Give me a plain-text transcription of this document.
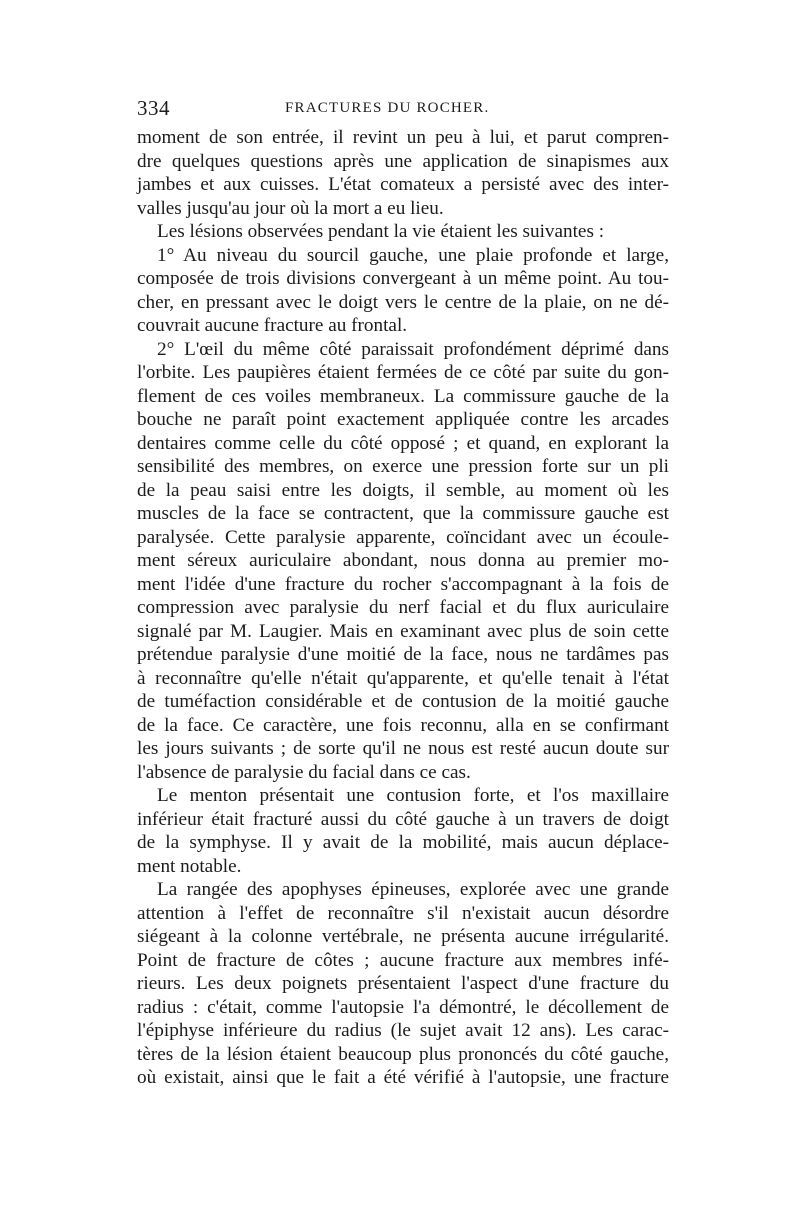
334	FRACTURES DU ROCHER.
moment de son entrée, il revint un peu à lui, et parut compren-
dre quelques questions après une application de sinapismes aux
jambes et aux cuisses. L'état comateux a persisté avec des inter-
valles jusqu'au jour où la mort a eu lieu.
Les lésions observées pendant la vie étaient les suivantes :
1° Au niveau du sourcil gauche, une plaie profonde et large,
composée de trois divisions convergeant à un même point. Au tou-
cher, en pressant avec le doigt vers le centre de la plaie, on ne dé-
couvrait aucune fracture au frontal.
2° L'œil du même côté paraissait profondément déprimé dans
l'orbite. Les paupières étaient fermées de ce côté par suite du gon-
flement de ces voiles membraneux. La commissure gauche de la
bouche ne paraît point exactement appliquée contre les arcades
dentaires comme celle du côté opposé ; et quand, en explorant la
sensibilité des membres, on exerce une pression forte sur un pli
de la peau saisi entre les doigts, il semble, au moment où les
muscles de la face se contractent, que la commissure gauche est
paralysée. Cette paralysie apparente, coïncidant avec un écoule-
ment séreux auriculaire abondant, nous donna au premier mo-
ment l'idée d'une fracture du rocher s'accompagnant à la fois de
compression avec paralysie du nerf facial et du flux auriculaire
signalé par M. Laugier. Mais en examinant avec plus de soin cette
prétendue paralysie d'une moitié de la face, nous ne tardâmes pas
à reconnaître qu'elle n'était qu'apparente, et qu'elle tenait à l'état
de tuméfaction considérable et de contusion de la moitié gauche
de la face. Ce caractère, une fois reconnu, alla en se confirmant
les jours suivants ; de sorte qu'il ne nous est resté aucun doute sur
l'absence de paralysie du facial dans ce cas.
Le menton présentait une contusion forte, et l'os maxillaire
inférieur était fracturé aussi du côté gauche à un travers de doigt
de la symphyse. Il y avait de la mobilité, mais aucun déplace-
ment notable.
La rangée des apophyses épineuses, explorée avec une grande
attention à l'effet de reconnaître s'il n'existait aucun désordre
siégeant à la colonne vertébrale, ne présenta aucune irrégularité.
Point de fracture de côtes ; aucune fracture aux membres infé-
rieurs. Les deux poignets présentaient l'aspect d'une fracture du
radius : c'était, comme l'autopsie l'a démontré, le décollement de
l'épiphyse inférieure du radius (le sujet avait 12 ans). Les carac-
tères de la lésion étaient beaucoup plus prononcés du côté gauche,
où existait, ainsi que le fait a été vérifié à l'autopsie, une fracture
